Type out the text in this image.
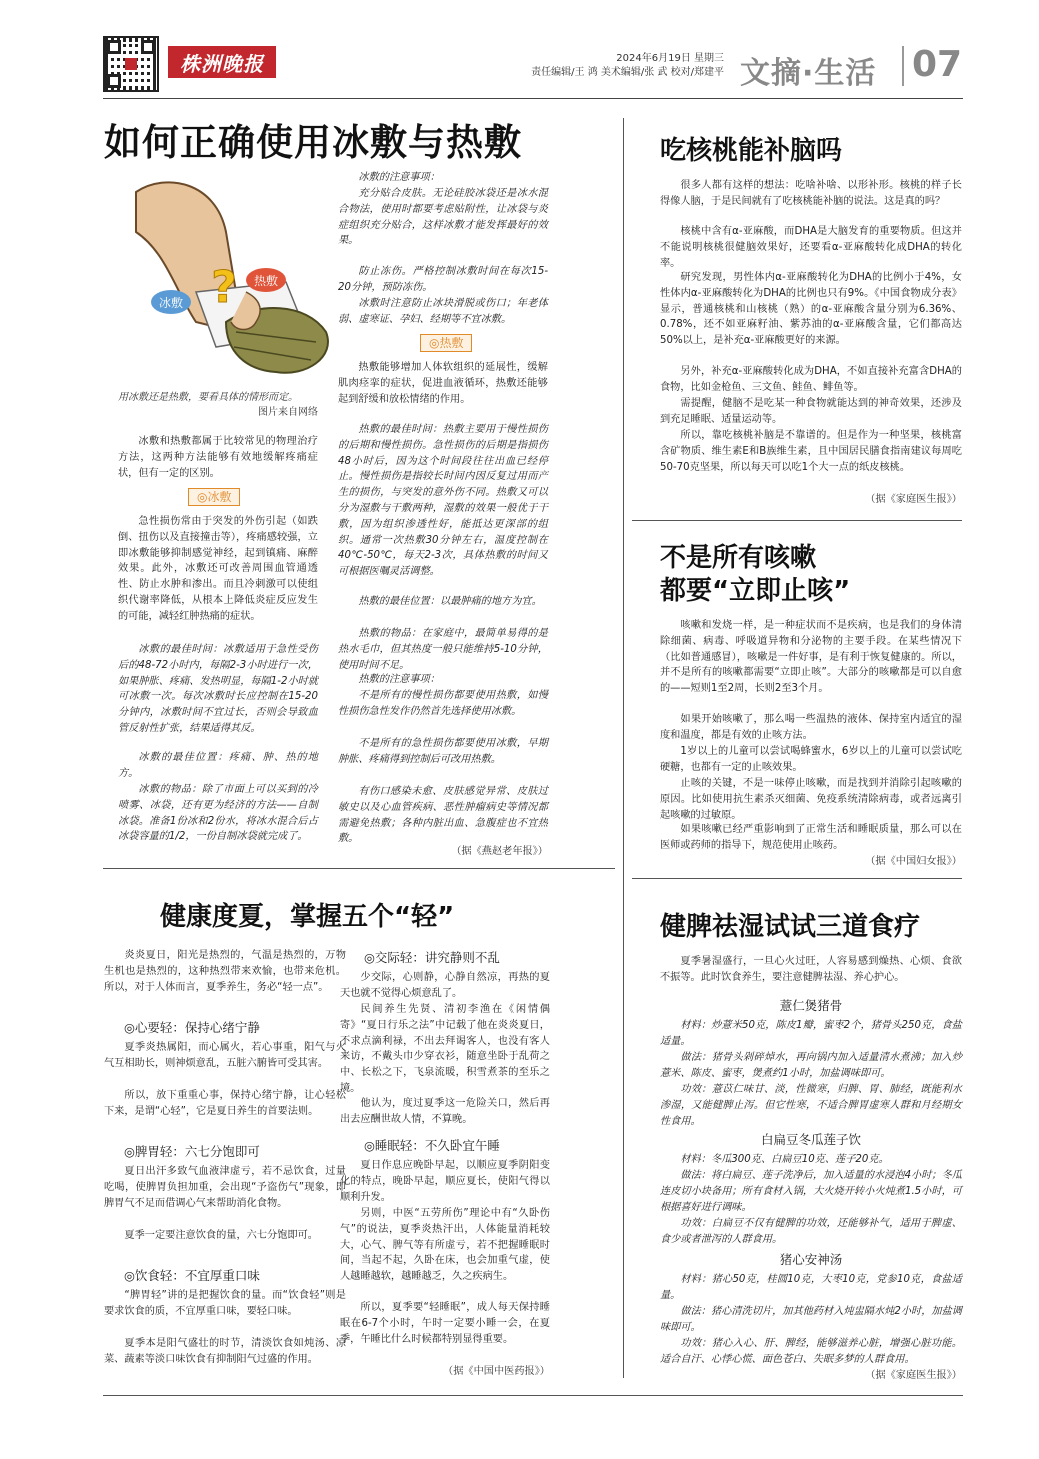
株洲晚报	2024年6月19日 星期三
责任编辑/王 鸿 美术编辑/张 武 校对/郑建平 文摘·生活 07
如何正确使用冰敷与热敷
冰敷
热敷
?
用冰敷还是热敷，要看具体的情形而定。
图片来自网络
冰敷和热敷都属于比较常见的物理治疗方法，这两种方法能够有效地缓解疼痛症状，但有一定的区别。
◎冰敷
急性损伤常由于突发的外伤引起（如跌倒、扭伤以及直接撞击等），疼痛感较强，立即冰敷能够抑制感觉神经，起到镇痛、麻醉效果。此外，冰敷还可改善周围血管通透性、防止水肿和渗出。而且冷刺激可以使组织代谢率降低，从根本上降低炎症反应发生的可能，减轻红肿热痛的症状。
冰敷的最佳时间：冰敷适用于急性受伤后的48-72小时内，每隔2-3小时进行一次，如果肿胀、疼痛、发热明显，每隔1-2小时就可冰敷一次。每次冰敷时长应控制在15-20分钟内，冰敷时间不宜过长，否则会导致血管反射性扩张，结果适得其反。
冰敷的最佳位置：疼痛、肿、热的地方。
冰敷的物品：除了市面上可以买到的冷喷雾、冰袋，还有更为经济的方法——自制冰袋。准备1份冰和2份水，将冰水混合后占冰袋容量的1/2，一份自制冰袋就完成了。
冰敷的注意事项：
充分贴合皮肤。无论硅胶冰袋还是冰水混合物法，使用时都要考虑贴附性，让冰袋与炎症组织充分贴合，这样冰敷才能发挥最好的效果。
防止冻伤。严格控制冰敷时间在每次15-20分钟，预防冻伤。
冰敷时注意防止冰块滑脱或伤口；年老体弱、虚寒证、孕妇、经期等不宜冰敷。
◎热敷
热敷能够增加人体软组织的延展性，缓解肌肉痉挛的症状，促进血液循环，热敷还能够起到舒缓和放松情绪的作用。
热敷的最佳时间：热敷主要用于慢性损伤的后期和慢性损伤。急性损伤的后期是指损伤48小时后，因为这个时间段往往出血已经停止。慢性损伤是指较长时间内因反复过用而产生的损伤，与突发的意外伤不同。热敷又可以分为湿敷与干敷两种，湿敷的效果一般优于干敷，因为组织渗透性好，能抵达更深部的组织。通常一次热敷30分钟左右，温度控制在40℃-50℃，每天2-3次，具体热敷的时间又可根据医嘱灵活调整。
热敷的最佳位置：以最肿痛的地方为宜。
热敷的物品：在家庭中，最简单易得的是热水毛巾，但其热度一般只能维持5-10分钟，使用时间不足。
热敷的注意事项：
不是所有的慢性损伤都要使用热敷，如慢性损伤急性发作仍然首先选择使用冰敷。
不是所有的急性损伤都要使用冰敷，早期肿胀、疼痛得到控制后可改用热敷。
有伤口感染未愈、皮肤感觉异常、皮肤过敏史以及心血管疾病、恶性肿瘤病史等情况都需避免热敷；各种内脏出血、急腹症也不宜热敷。
（据《燕赵老年报》）
吃核桃能补脑吗
很多人都有这样的想法：吃啥补啥、以形补形。核桃的样子长得像人脑，于是民间就有了吃核桃能补脑的说法。这是真的吗？
核桃中含有α-亚麻酸，而DHA是大脑发育的重要物质。但这并不能说明核桃很健脑效果好，还要看α-亚麻酸转化成DHA的转化率。
研究发现，男性体内α-亚麻酸转化为DHA的比例小于4%，女性体内α-亚麻酸转化为DHA的比例也只有9%。《中国食物成分表》显示，普通核桃和山核桃（熟）的α-亚麻酸含量分别为6.36%、0.78%，还不如亚麻籽油、紫苏油的α-亚麻酸含量，它们都高达50%以上，是补充α-亚麻酸更好的来源。
另外，补充α-亚麻酸转化成为DHA，不如直接补充富含DHA的食物，比如金枪鱼、三文鱼、鲑鱼、鲱鱼等。
需提醒，健脑不是吃某一种食物就能达到的神奇效果，还涉及到充足睡眠、适量运动等。
所以，靠吃核桃补脑是不靠谱的。但是作为一种坚果，核桃富含矿物质、维生素E和B族维生素，且中国居民膳食指南建议每周吃50-70克坚果，所以每天可以吃1个大一点的纸皮核桃。
（据《家庭医生报》）
不是所有咳嗽
都要“立即止咳”
咳嗽和发烧一样，是一种症状而不是疾病，也是我们的身体清除细菌、病毒、呼吸道异物和分泌物的主要手段。在某些情况下（比如普通感冒），咳嗽是一件好事，是有利于恢复健康的。所以，并不是所有的咳嗽都需要“立即止咳”。大部分的咳嗽都是可以自愈的——短则1至2周，长则2至3个月。
如果开始咳嗽了，那么喝一些温热的液体、保持室内适宜的湿度和温度，都是有效的止咳方法。
1岁以上的儿童可以尝试喝蜂蜜水，6岁以上的儿童可以尝试吃硬糖，也都有一定的止咳效果。
止咳的关键，不是一味停止咳嗽，而是找到并消除引起咳嗽的原因。比如使用抗生素杀灭细菌、免疫系统清除病毒，或者远离引起咳嗽的过敏原。
如果咳嗽已经严重影响到了正常生活和睡眠质量，那么可以在医师或药师的指导下，规范使用止咳药。
（据《中国妇女报》）
健康度夏，掌握五个“轻”
炎炎夏日，阳光是热烈的，气温是热烈的，万物生机也是热烈的，这种热烈带来欢愉，也带来危机。所以，对于人体而言，夏季养生，务必“轻一点”。
◎心要轻：保持心绪宁静
夏季炎热属阳，而心属火，若心事重，阳气与火气互相助长，则神烦意乱，五脏六腑皆可受其害。
所以，放下重重心事，保持心绪宁静，让心轻松下来，是谓“心轻”，它是夏日养生的首要法则。
◎脾胃轻：六七分饱即可
夏日出汗多致气血液津虚亏，若不忌饮食，过量吃喝，使脾胃负担加重，会出现“予盗伤气”现象，即脾胃气不足而借调心气来帮助消化食物。
夏季一定要注意饮食的量，六七分饱即可。
◎饮食轻：不宜厚重口味
“脾胃轻”讲的是把握饮食的量。而“饮食轻”则是要求饮食的质，不宜厚重口味，要轻口味。
夏季本是阳气盛壮的时节，清淡饮食如炖汤、凉菜、蔬素等淡口味饮食有抑制阳气过盛的作用。
◎交际轻：讲究静则不乱
少交际，心则静，心静自然凉，再热的夏天也就不觉得心烦意乱了。
民间养生先贤、清初李渔在《闲情偶寄》“夏日行乐之法”中记载了他在炎炎夏日，不求点滴利禄，不出去拜谒客人，也没有客人来访，不戴头巾少穿衣衫，随意坐卧于乱荷之中、长松之下，飞泉流暖，积雪煮茶的至乐之境。
他认为，度过夏季这一危险关口，然后再出去应酬世故人情，不算晚。
◎睡眠轻：不久卧宜午睡
夏日作息应晚卧早起，以顺应夏季阴阳变化的特点，晚卧早起，顺应夏长，使阳气得以顺利升发。
另则，中医“五劳所伤”理论中有“久卧伤气”的说法，夏季炎热汗出，人体能量消耗较大，心气、脾气等有所虚亏，若不把握睡眠时间，当起不起，久卧在床，也会加重气虚，使人越睡越软，越睡越乏，久之疾病生。
所以，夏季要“轻睡眠”，成人每天保持睡眠在6-7个小时，午时一定要小睡一会，在夏季，午睡比什么时候都特别显得重要。
（据《中国中医药报》）
健脾祛湿试试三道食疗
夏季暑湿盛行，一旦心火过旺，人容易感到燥热、心烦、食欲不振等。此时饮食养生，要注意健脾祛湿、养心护心。
薏仁煲猪骨
材料：炒薏米50克，陈皮1瓣，蜜枣2个，猪骨头250克，食盐适量。
做法：猪骨头剁碎焯水，再向锅内加入适量清水煮沸；加入炒薏米、陈皮、蜜枣，煲煮约1小时，加盐调味即可。
功效：薏苡仁味甘、淡，性微寒，归脾、胃、肺经，既能利水渗湿，又能健脾止泻。但它性寒，不适合脾胃虚寒人群和月经期女性食用。
白扁豆冬瓜莲子饮
材料：冬瓜300克、白扁豆10克、莲子20克。
做法：将白扁豆、莲子洗净后，加入适量的水浸泡4小时；冬瓜连皮切小块备用；所有食材入锅，大火烧开转小火炖煮1.5小时，可根据喜好进行调味。
功效：白扁豆不仅有健脾的功效，还能够补气，适用于脾虚、食少或者泄泻的人群食用。
猪心安神汤
材料：猪心50克，桂圆10克，大枣10克，党参10克，食盐适量。
做法：猪心清洗切片，加其他药材入炖盅隔水炖2小时，加盐调味即可。
功效：猪心入心、肝、脾经，能够滋养心脏，增强心脏功能。适合自汗、心悸心慌、面色苍白、失眠多梦的人群食用。
（据《家庭医生报》）
